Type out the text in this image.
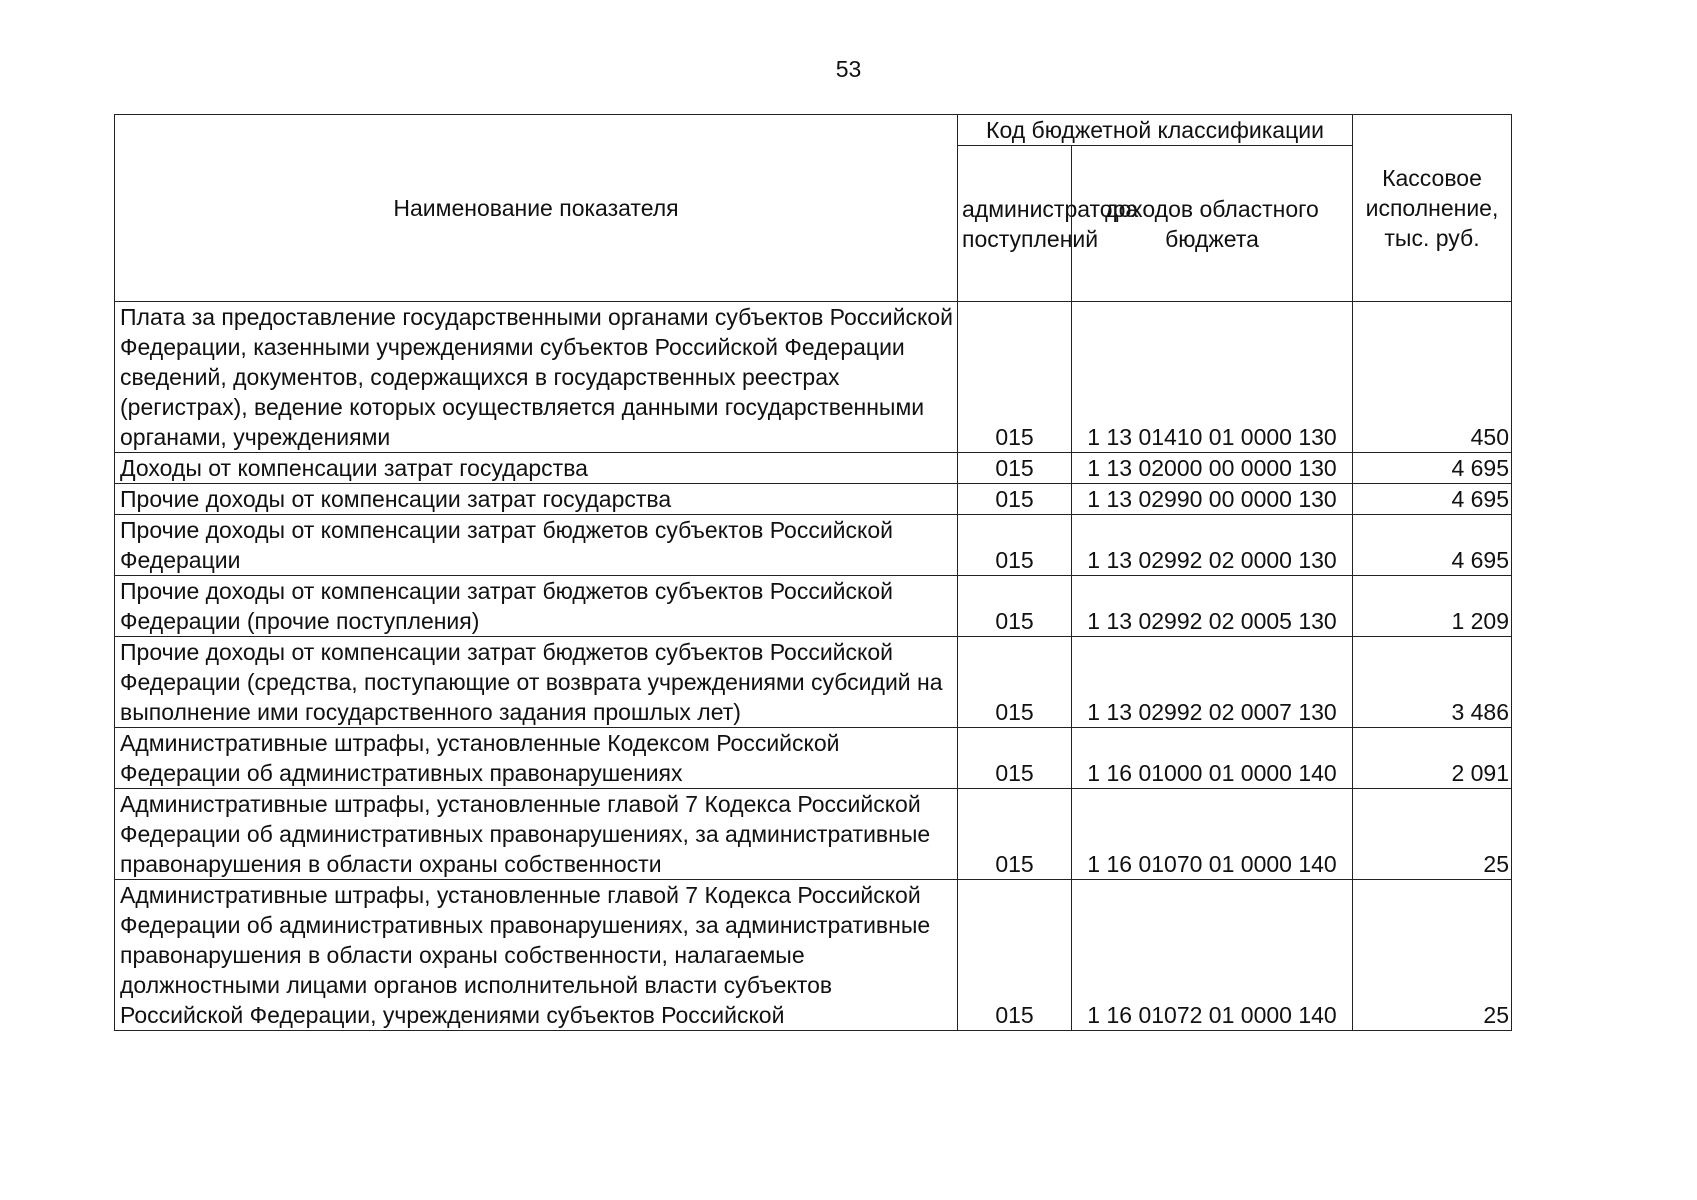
53
Наименование показателя	Код бюджетной классификации		Кассовое исполнение, тыс. руб.
	администратора поступлений	доходов областного бюджета	
Плата за предоставление государственными органами субъектов Российской Федерации, казенными учреждениями субъектов Российской Федерации сведений, документов, содержащихся в государственных реестрах (регистрах), ведение которых осуществляется данными государственными органами, учреждениями	015	1 13 01410 01 0000 130	450
Доходы от компенсации затрат государства	015	1 13 02000 00 0000 130	4 695
Прочие доходы от компенсации затрат государства	015	1 13 02990 00 0000 130	4 695
Прочие доходы от компенсации затрат бюджетов субъектов Российской Федерации	015	1 13 02992 02 0000 130	4 695
Прочие доходы от компенсации затрат бюджетов субъектов Российской Федерации (прочие поступления)	015	1 13 02992 02 0005 130	1 209
Прочие доходы от компенсации затрат бюджетов субъектов Российской Федерации (средства, поступающие от возврата учреждениями субсидий на выполнение ими государственного задания прошлых лет)	015	1 13 02992 02 0007 130	3 486
Административные штрафы, установленные Кодексом Российской Федерации об административных правонарушениях	015	1 16 01000 01 0000 140	2 091
Административные штрафы, установленные главой 7 Кодекса Российской Федерации об административных правонарушениях, за административные правонарушения в области охраны собственности	015	1 16 01070 01 0000 140	25
Административные штрафы, установленные главой 7 Кодекса Российской Федерации об административных правонарушениях, за административные правонарушения в области охраны собственности, налагаемые должностными лицами органов исполнительной власти субъектов Российской Федерации, учреждениями субъектов Российской	015	1 16 01072 01 0000 140	25
